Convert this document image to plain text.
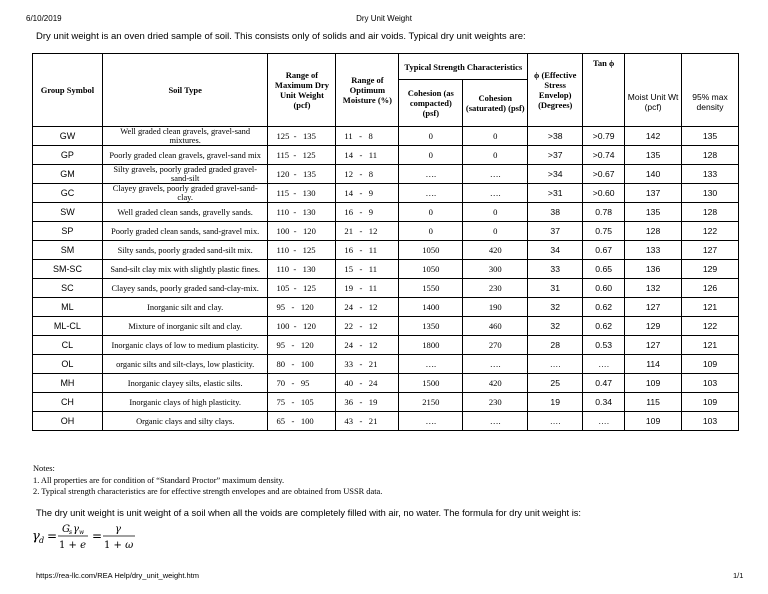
6/10/2019	Dry Unit Weight
Dry unit weight is an oven dried sample of soil. This consists only of solids and air voids. Typical dry unit weights are:
Group Symbol	Soil Type	Range of Maximum Dry Unit Weight (pcf)	Range of Optimum Moisture (%)	Typical Strength Characteristics		ϕ (Effective Stress Envelop) (Degrees)	Tan ϕ	Moist Unit Wt (pcf)	95% max density
				Cohesion (as compacted) (psf)	Cohesion (saturated) (psf)				
GW	Well graded clean gravels, gravel-sand mixtures.	125  -   135	11   -   8	0	0	>38	>0.79	142	135
GP	Poorly graded clean gravels, gravel-sand mix	115  -   125	14   -   11	0	0	>37	>0.74	135	128
GM	Silty gravels, poorly graded graded gravel-sand-silt	120  -   135	12   -   8	….	….	>34	>0.67	140	133
GC	Clayey gravels, poorly graded gravel-sand-clay.	115  -   130	14   -   9	….	….	>31	>0.60	137	130
SW	Well graded clean sands, gravelly sands.	110  -   130	16   -   9	0	0	38	0.78	135	128
SP	Poorly graded clean sands, sand-gravel mix.	100  -   120	21   -   12	0	0	37	0.75	128	122
SM	Silty sands, poorly graded sand-silt mix.	110  -   125	16   -   11	1050	420	34	0.67	133	127
SM-SC	Sand-silt clay mix with slightly plastic fines.	110  -   130	15   -   11	1050	300	33	0.65	136	129
SC	Clayey sands, poorly graded sand-clay-mix.	105  -   125	19   -   11	1550	230	31	0.60	132	126
ML	Inorganic silt and clay.	95   -   120	24   -   12	1400	190	32	0.62	127	121
ML-CL	Mixture of inorganic silt and clay.	100  -   120	22   -   12	1350	460	32	0.62	129	122
CL	Inorganic clays of low to medium plasticity.	95   -   120	24   -   12	1800	270	28	0.53	127	121
OL	organic silts and silt-clays, low plasticity.	80   -   100	33   -   21	….	….	….	….	114	109
MH	Inorganic clayey silts, elastic silts.	70   -   95	40   -   24	1500	420	25	0.47	109	103
CH	Inorganic clays of high plasticity.	75   -   105	36   -   19	2150	230	19	0.34	115	109
OH	Organic clays and silty clays.	65   -   100	43   -   21	….	….	….	….	109	103
Notes:
1. All properties are for condition of “Standard Proctor” maximum density.
2. Typical strength characteristics are for effective strength envelopes and are obtained from USSR data.
The dry unit weight is unit weight of a soil when all the voids are completely filled with air, no water. The formula for dry unit weight is:
γ d = G s γ w
1 + e
= γ
1 + ω
https://rea-llc.com/REA Help/dry_unit_weight.htm	1/1
